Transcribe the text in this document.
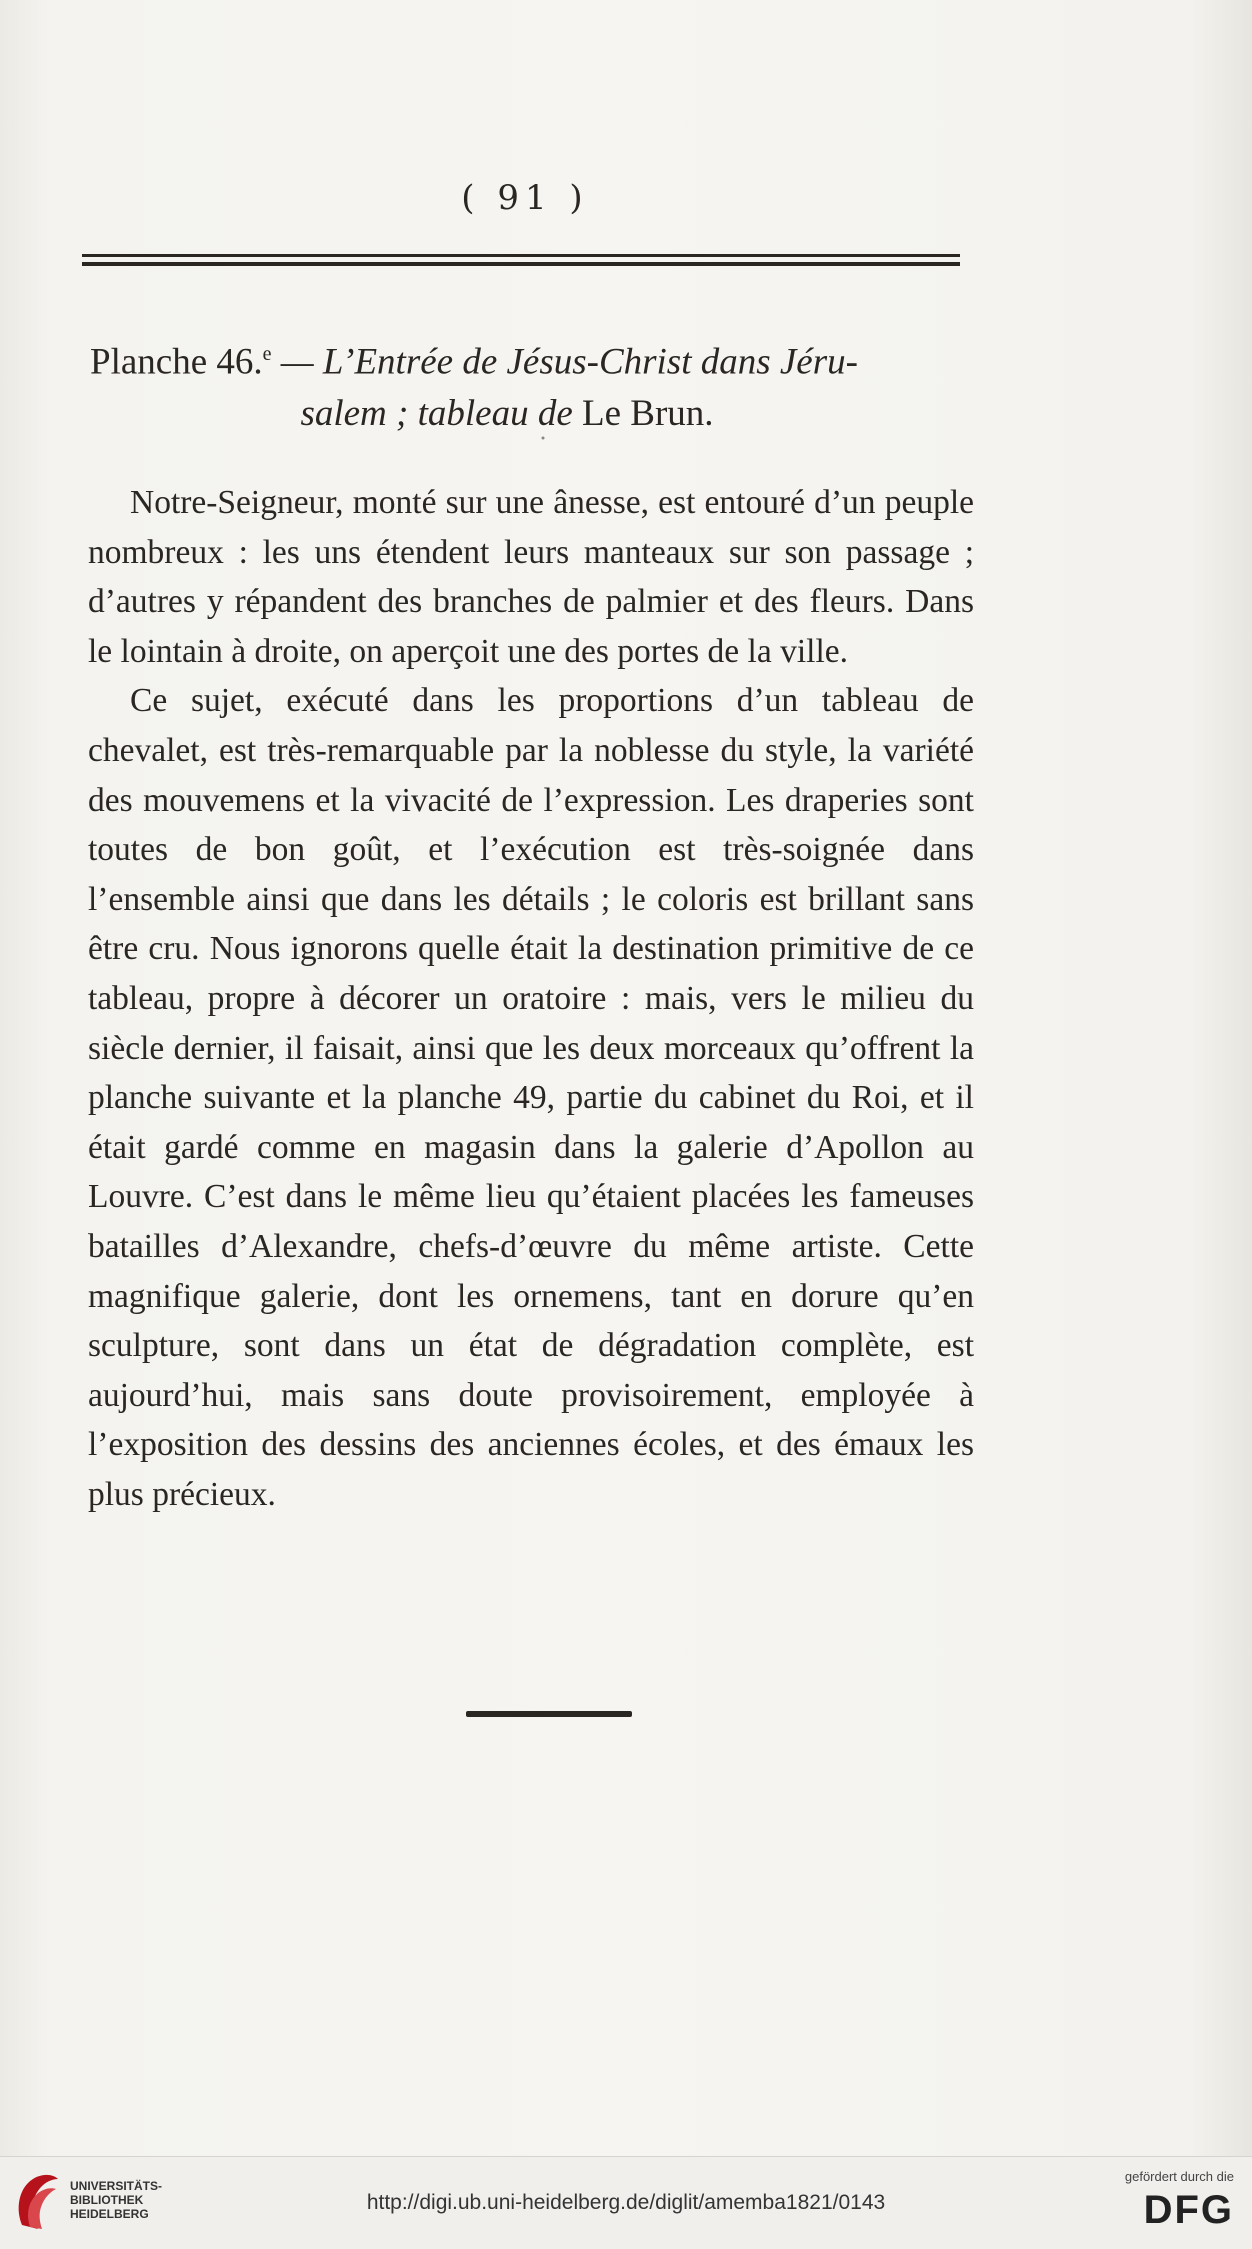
( 91 )
Planche 46.$^e$ — L’Entrée de Jésus-Christ dans Jéru-
salem ; tableau de Le Brun.

Notre-Seigneur, monté sur une ânesse, est entouré d’un peuple nombreux : les uns étendent leurs manteaux sur son passage ; d’autres y répandent des branches de palmier et des fleurs. Dans le lointain à droite, on aperçoit une des portes de la ville.

Ce sujet, exécuté dans les proportions d’un tableau de chevalet, est très-remarquable par la noblesse du style, la variété des mouvemens et la vivacité de l’expression. Les draperies sont toutes de bon goût, et l’exécution est très-soignée dans l’ensemble ainsi que dans les détails ; le coloris est brillant sans être cru. Nous ignorons quelle était la destination primitive de ce tableau, propre à décorer un oratoire : mais, vers le milieu du siècle dernier, il faisait, ainsi que les deux morceaux qu’offrent la planche suivante et la planche 49, partie du cabinet du Roi, et il était gardé comme en magasin dans la galerie d’Apollon au Louvre. C’est dans le même lieu qu’étaient placées les fameuses batailles d’Alexandre, chefs-d’œuvre du même artiste. Cette magnifique galerie, dont les ornemens, tant en dorure qu’en sculpture, sont dans un état de dégradation complète, est aujourd’hui, mais sans doute provisoirement, employée à l’exposition des dessins des anciennes écoles, et des émaux les plus précieux.

UNIVERSITÄTS-
BIBLIOTHEK
HEIDELBERG	http://digi.ub.uni-heidelberg.de/diglit/amemba1821/0143
gefördert durch die
DFG
